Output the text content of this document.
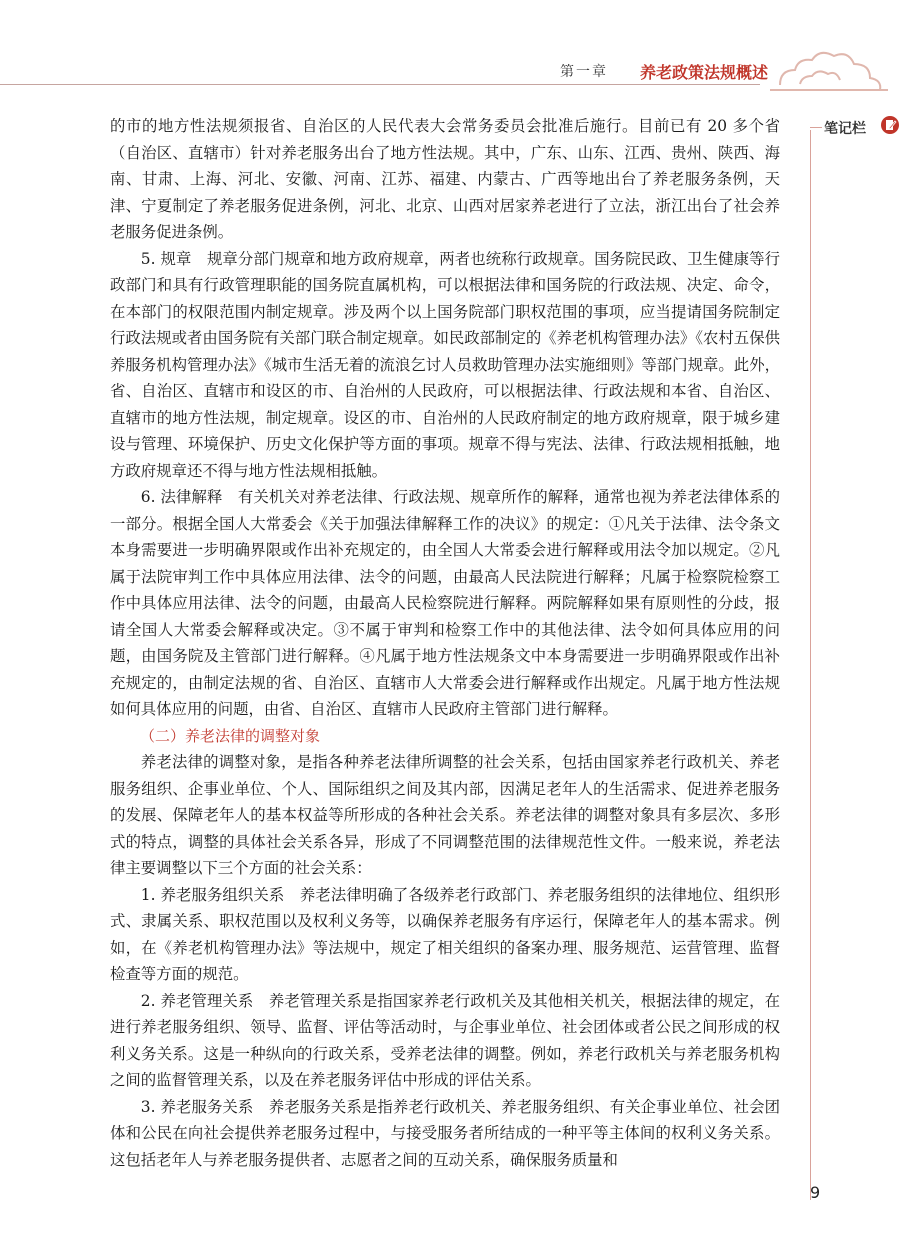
第一章 养老政策法规概述
笔记栏

的市的地方性法规须报省、自治区的人民代表大会常务委员会批准后施行。目前已有 20 多个省（自治区、直辖市）针对养老服务出台了地方性法规。其中，广东、山东、江西、贵州、陕西、海南、甘肃、上海、河北、安徽、河南、江苏、福建、内蒙古、广西等地出台了养老服务条例，天津、宁夏制定了养老服务促进条例，河北、北京、山西对居家养老进行了立法，浙江出台了社会养老服务促进条例。

5. 规章　规章分部门规章和地方政府规章，两者也统称行政规章。国务院民政、卫生健康等行政部门和具有行政管理职能的国务院直属机构，可以根据法律和国务院的行政法规、决定、命令，在本部门的权限范围内制定规章。涉及两个以上国务院部门职权范围的事项，应当提请国务院制定行政法规或者由国务院有关部门联合制定规章。如民政部制定的《养老机构管理办法》《农村五保供养服务机构管理办法》《城市生活无着的流浪乞讨人员救助管理办法实施细则》等部门规章。此外，省、自治区、直辖市和设区的市、自治州的人民政府，可以根据法律、行政法规和本省、自治区、直辖市的地方性法规，制定规章。设区的市、自治州的人民政府制定的地方政府规章，限于城乡建设与管理、环境保护、历史文化保护等方面的事项。规章不得与宪法、法律、行政法规相抵触，地方政府规章还不得与地方性法规相抵触。

6. 法律解释　有关机关对养老法律、行政法规、规章所作的解释，通常也视为养老法律体系的一部分。根据全国人大常委会《关于加强法律解释工作的决议》的规定：①凡关于法律、法令条文本身需要进一步明确界限或作出补充规定的，由全国人大常委会进行解释或用法令加以规定。②凡属于法院审判工作中具体应用法律、法令的问题，由最高人民法院进行解释；凡属于检察院检察工作中具体应用法律、法令的问题，由最高人民检察院进行解释。两院解释如果有原则性的分歧，报请全国人大常委会解释或决定。③不属于审判和检察工作中的其他法律、法令如何具体应用的问题，由国务院及主管部门进行解释。④凡属于地方性法规条文中本身需要进一步明确界限或作出补充规定的，由制定法规的省、自治区、直辖市人大常委会进行解释或作出规定。凡属于地方性法规如何具体应用的问题，由省、自治区、直辖市人民政府主管部门进行解释。

（二）养老法律的调整对象

养老法律的调整对象，是指各种养老法律所调整的社会关系，包括由国家养老行政机关、养老服务组织、企事业单位、个人、国际组织之间及其内部，因满足老年人的生活需求、促进养老服务的发展、保障老年人的基本权益等所形成的各种社会关系。养老法律的调整对象具有多层次、多形式的特点，调整的具体社会关系各异，形成了不同调整范围的法律规范性文件。一般来说，养老法律主要调整以下三个方面的社会关系：

1. 养老服务组织关系　养老法律明确了各级养老行政部门、养老服务组织的法律地位、组织形式、隶属关系、职权范围以及权利义务等，以确保养老服务有序运行，保障老年人的基本需求。例如，在《养老机构管理办法》等法规中，规定了相关组织的备案办理、服务规范、运营管理、监督检查等方面的规范。

2. 养老管理关系　养老管理关系是指国家养老行政机关及其他相关机关，根据法律的规定，在进行养老服务组织、领导、监督、评估等活动时，与企事业单位、社会团体或者公民之间形成的权利义务关系。这是一种纵向的行政关系，受养老法律的调整。例如，养老行政机关与养老服务机构之间的监督管理关系，以及在养老服务评估中形成的评估关系。

3. 养老服务关系　养老服务关系是指养老行政机关、养老服务组织、有关企事业单位、社会团体和公民在向社会提供养老服务过程中，与接受服务者所结成的一种平等主体间的权利义务关系。这包括老年人与养老服务提供者、志愿者之间的互动关系，确保服务质量和

9
